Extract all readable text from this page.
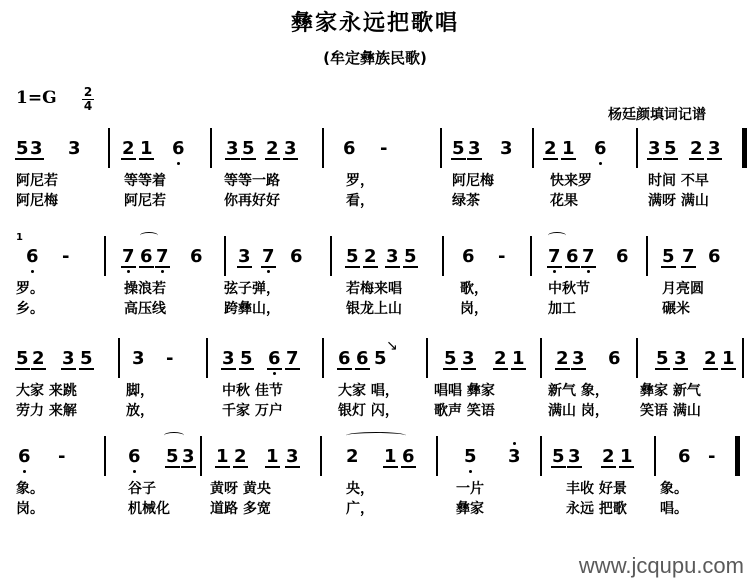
彝家永远把歌唱
(牟定彝族民歌)
1=G 2
4
杨廷颜填词记谱
5 3 3 2 1 6 3 5 2 3	6 -	5 3 3 2 1 6 3 5 2 3
阿尼若	等等着	等等一路	罗，	阿尼梅	快来罗	时间 不早
阿尼梅	阿尼若	你再好好	看，	绿茶	花果	满呀 满山
6 -	7 6 7 6 3 7 6 5 2 3 5	6 - 7 6 7 6 5 7 6
罗。	操浪若	弦子弹，	若梅来唱	歌，	中秋节	月亮圆
乡。	高压线	跨彝山，	银龙上山	岗，	加工	碾米
5 2 3 5 3 -	3 5 6 7 6 6 5	5 3 2 1 2 3 6 5 3 2 1
大家 来跳	脚，	中秋 佳节	大家 唱，	唱唱 彝家	新气 象， 彝家 新气
劳力 来解	放，	千家 万户	银灯 闪，	歌声 笑语	满山 岗， 笑语 满山
6 -	6 5 3 1 2 1 3	2 1 6	5 3 5 3 2 1	6 -
象。	谷子	黄呀 黄央	央，	一片	丰收 好景 象。
岗。	机械化	道路 多宽	广，	彝家	永远 把歌 唱。
1
↘
www.jcqupu.com
